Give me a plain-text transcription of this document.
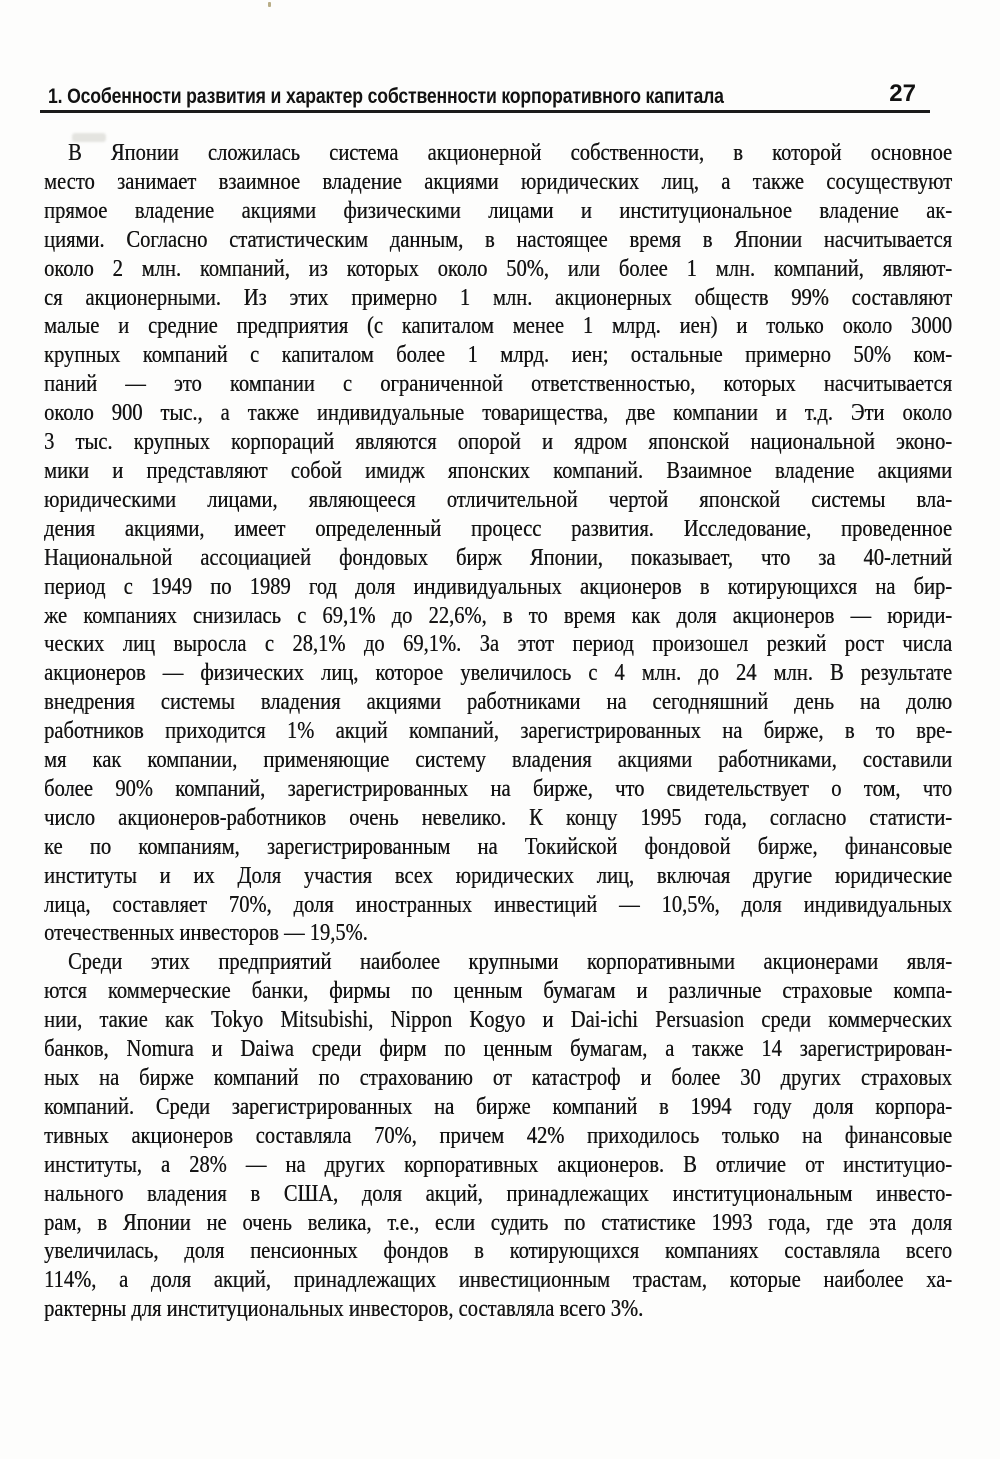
1. Особенности развития и характер собственности корпоративного капитала	27
В Японии сложилась система акционерной собственности, в которой основное
место занимает взаимное владение акциями юридических лиц, а также сосуществуют
прямое владение акциями физическими лицами и институциональное владение ак-
циями. Согласно статистическим данным, в настоящее время в Японии насчитывается
около 2 млн. компаний, из которых около 50%, или более 1 млн. компаний, являют-
ся акционерными. Из этих примерно 1 млн. акционерных обществ 99% составляют
малые и средние предприятия (с капиталом менее 1 млрд. иен) и только около 3000
крупных компаний с капиталом более 1 млрд. иен; остальные примерно 50% ком-
паний — это компании с ограниченной ответственностью, которых насчитывается
около 900 тыс., а также индивидуальные товарищества, две компании и т.д. Эти около
3 тыс. крупных корпораций являются опорой и ядром японской национальной эконо-
мики и представляют собой имидж японских компаний. Взаимное владение акциями
юридическими лицами, являющееся отличительной чертой японской системы вла-
дения акциями, имеет определенный процесс развития. Исследование, проведенное
Национальной ассоциацией фондовых бирж Японии, показывает, что за 40-летний
период с 1949 по 1989 год доля индивидуальных акционеров в котирующихся на бир-
же компаниях снизилась с 69,1% до 22,6%, в то время как доля акционеров — юриди-
ческих лиц выросла с 28,1% до 69,1%. За этот период произошел резкий рост числа
акционеров — физических лиц, которое увеличилось с 4 млн. до 24 млн. В результате
внедрения системы владения акциями работниками на сегодняшний день на долю
работников приходится 1% акций компаний, зарегистрированных на бирже, в то вре-
мя как компании, применяющие систему владения акциями работниками, составили
более 90% компаний, зарегистрированных на бирже, что свидетельствует о том, что
число акционеров-работников очень невелико. К концу 1995 года, согласно статисти-
ке по компаниям, зарегистрированным на Токийской фондовой бирже, финансовые
институты и их Доля участия всех юридических лиц, включая другие юридические
лица, составляет 70%, доля иностранных инвестиций — 10,5%, доля индивидуальных
отечественных инвесторов — 19,5%.
Среди этих предприятий наиболее крупными корпоративными акционерами явля-
ются коммерческие банки, фирмы по ценным бумагам и различные страховые компа-
нии, такие как Tokyo Mitsubishi, Nippon Kogyo и Dai-ichi Persuasion среди коммерческих
банков, Nomura и Daiwa среди фирм по ценным бумагам, а также 14 зарегистрирован-
ных на бирже компаний по страхованию от катастроф и более 30 других страховых
компаний. Среди зарегистрированных на бирже компаний в 1994 году доля корпора-
тивных акционеров составляла 70%, причем 42% приходилось только на финансовые
институты, а 28% — на других корпоративных акционеров. В отличие от институцио-
нального владения в США, доля акций, принадлежащих институциональным инвесто-
рам, в Японии не очень велика, т.е., если судить по статистике 1993 года, где эта доля
увеличилась, доля пенсионных фондов в котирующихся компаниях составляла всего
114%, а доля акций, принадлежащих инвестиционным трастам, которые наиболее ха-
рактерны для институциональных инвесторов, составляла всего 3%.
